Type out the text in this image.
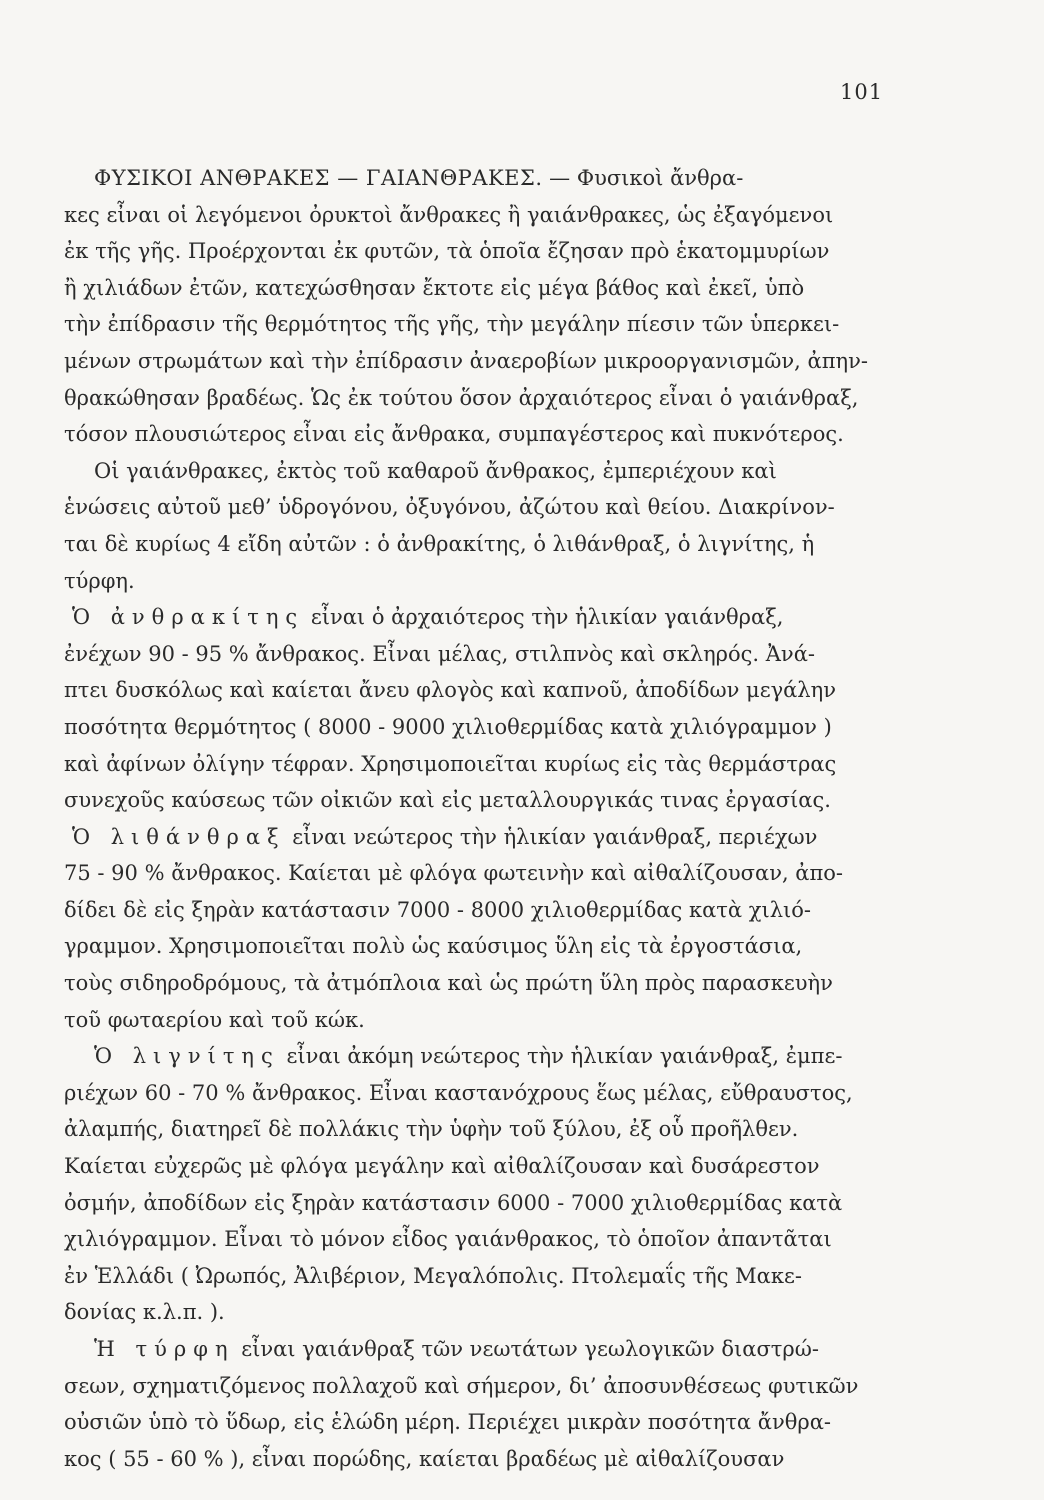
101
ΦΥΣΙΚΟΙ ΑΝΘΡΑΚΕΣ — ΓΑΙΑΝΘΡΑΚΕΣ. — Φυσικοὶ ἄνθρα-
κες εἶναι οἱ λεγόμενοι ὀρυκτοὶ ἄνθρακες ἢ γαιάνθρακες, ὡς ἐξαγόμενοι
ἐκ τῆς γῆς. Προέρχονται ἐκ φυτῶν, τὰ ὁποῖα ἔζησαν πρὸ ἑκατομμυρίων
ἢ χιλιάδων ἐτῶν, κατεχώσθησαν ἔκτοτε εἰς μέγα βάθος καὶ ἐκεῖ, ὑπὸ
τὴν ἐπίδρασιν τῆς θερμότητος τῆς γῆς, τὴν μεγάλην πίεσιν τῶν ὑπερκει-
μένων στρωμάτων καὶ τὴν ἐπίδρασιν ἀναεροβίων μικροοργανισμῶν, ἀπην-
θρακώθησαν βραδέως. Ὡς ἐκ τούτου ὅσον ἀρχαιότερος εἶναι ὁ γαιάνθραξ,
τόσον πλουσιώτερος εἶναι εἰς ἄνθρακα, συμπαγέστερος καὶ πυκνότερος.
Οἱ γαιάνθρακες, ἐκτὸς τοῦ καθαροῦ ἄνθρακος, ἐμπεριέχουν καὶ
ἑνώσεις αὐτοῦ μεθ’ ὑδρογόνου, ὀξυγόνου, ἀζώτου καὶ θείου. Διακρίνον-
ται δὲ κυρίως 4 εἴδη αὐτῶν : ὁ ἀνθρακίτης, ὁ λιθάνθραξ, ὁ λιγνίτης, ἡ
τύρφη.
Ὁ ἀνθρακίτης εἶναι ὁ ἀρχαιότερος τὴν ἡλικίαν γαιάνθραξ,
ἐνέχων 90 - 95 % ἄνθρακος. Εἶναι μέλας, στιλπνὸς καὶ σκληρός. Ἀνά-
πτει δυσκόλως καὶ καίεται ἄνευ φλογὸς καὶ καπνοῦ, ἀποδίδων μεγάλην
ποσότητα θερμότητος ( 8000 - 9000 χιλιοθερμίδας κατὰ χιλιόγραμμον )
καὶ ἀφίνων ὀλίγην τέφραν. Χρησιμοποιεῖται κυρίως εἰς τὰς θερμάστρας
συνεχοῦς καύσεως τῶν οἰκιῶν καὶ εἰς μεταλλουργικάς τινας ἐργασίας.
Ὁ λιθάνθραξ εἶναι νεώτερος τὴν ἡλικίαν γαιάνθραξ, περιέχων
75 - 90 % ἄνθρακος. Καίεται μὲ φλόγα φωτεινὴν καὶ αἰθαλίζουσαν, ἀπο-
δίδει δὲ εἰς ξηρὰν κατάστασιν 7000 - 8000 χιλιοθερμίδας κατὰ χιλιό-
γραμμον. Χρησιμοποιεῖται πολὺ ὡς καύσιμος ὕλη εἰς τὰ ἐργοστάσια,
τοὺς σιδηροδρόμους, τὰ ἀτμόπλοια καὶ ὡς πρώτη ὕλη πρὸς παρασκευὴν
τοῦ φωταερίου καὶ τοῦ κώκ.
Ὁ λιγνίτης εἶναι ἀκόμη νεώτερος τὴν ἡλικίαν γαιάνθραξ, ἐμπε-
ριέχων 60 - 70 % ἄνθρακος. Εἶναι καστανόχρους ἕως μέλας, εὔθραυστος,
ἀλαμπής, διατηρεῖ δὲ πολλάκις τὴν ὑφὴν τοῦ ξύλου, ἐξ οὗ προῆλθεν.
Καίεται εὐχερῶς μὲ φλόγα μεγάλην καὶ αἰθαλίζουσαν καὶ δυσάρεστον
ὀσμήν, ἀποδίδων εἰς ξηρὰν κατάστασιν 6000 - 7000 χιλιοθερμίδας κατὰ
χιλιόγραμμον. Εἶναι τὸ μόνον εἶδος γαιάνθρακος, τὸ ὁποῖον ἀπαντᾶται
ἐν Ἑλλάδι ( Ὠρωπός, Ἀλιβέριον, Μεγαλόπολις. Πτολεμαΐς τῆς Μακε-
δονίας κ.λ.π. ).
Ἡ τύρφη εἶναι γαιάνθραξ τῶν νεωτάτων γεωλογικῶν διαστρώ-
σεων, σχηματιζόμενος πολλαχοῦ καὶ σήμερον, δι’ ἀποσυνθέσεως φυτικῶν
οὐσιῶν ὑπὸ τὸ ὕδωρ, εἰς ἑλώδη μέρη. Περιέχει μικρὰν ποσότητα ἄνθρα-
κος ( 55 - 60 % ), εἶναι πορώδης, καίεται βραδέως μὲ αἰθαλίζουσαν
